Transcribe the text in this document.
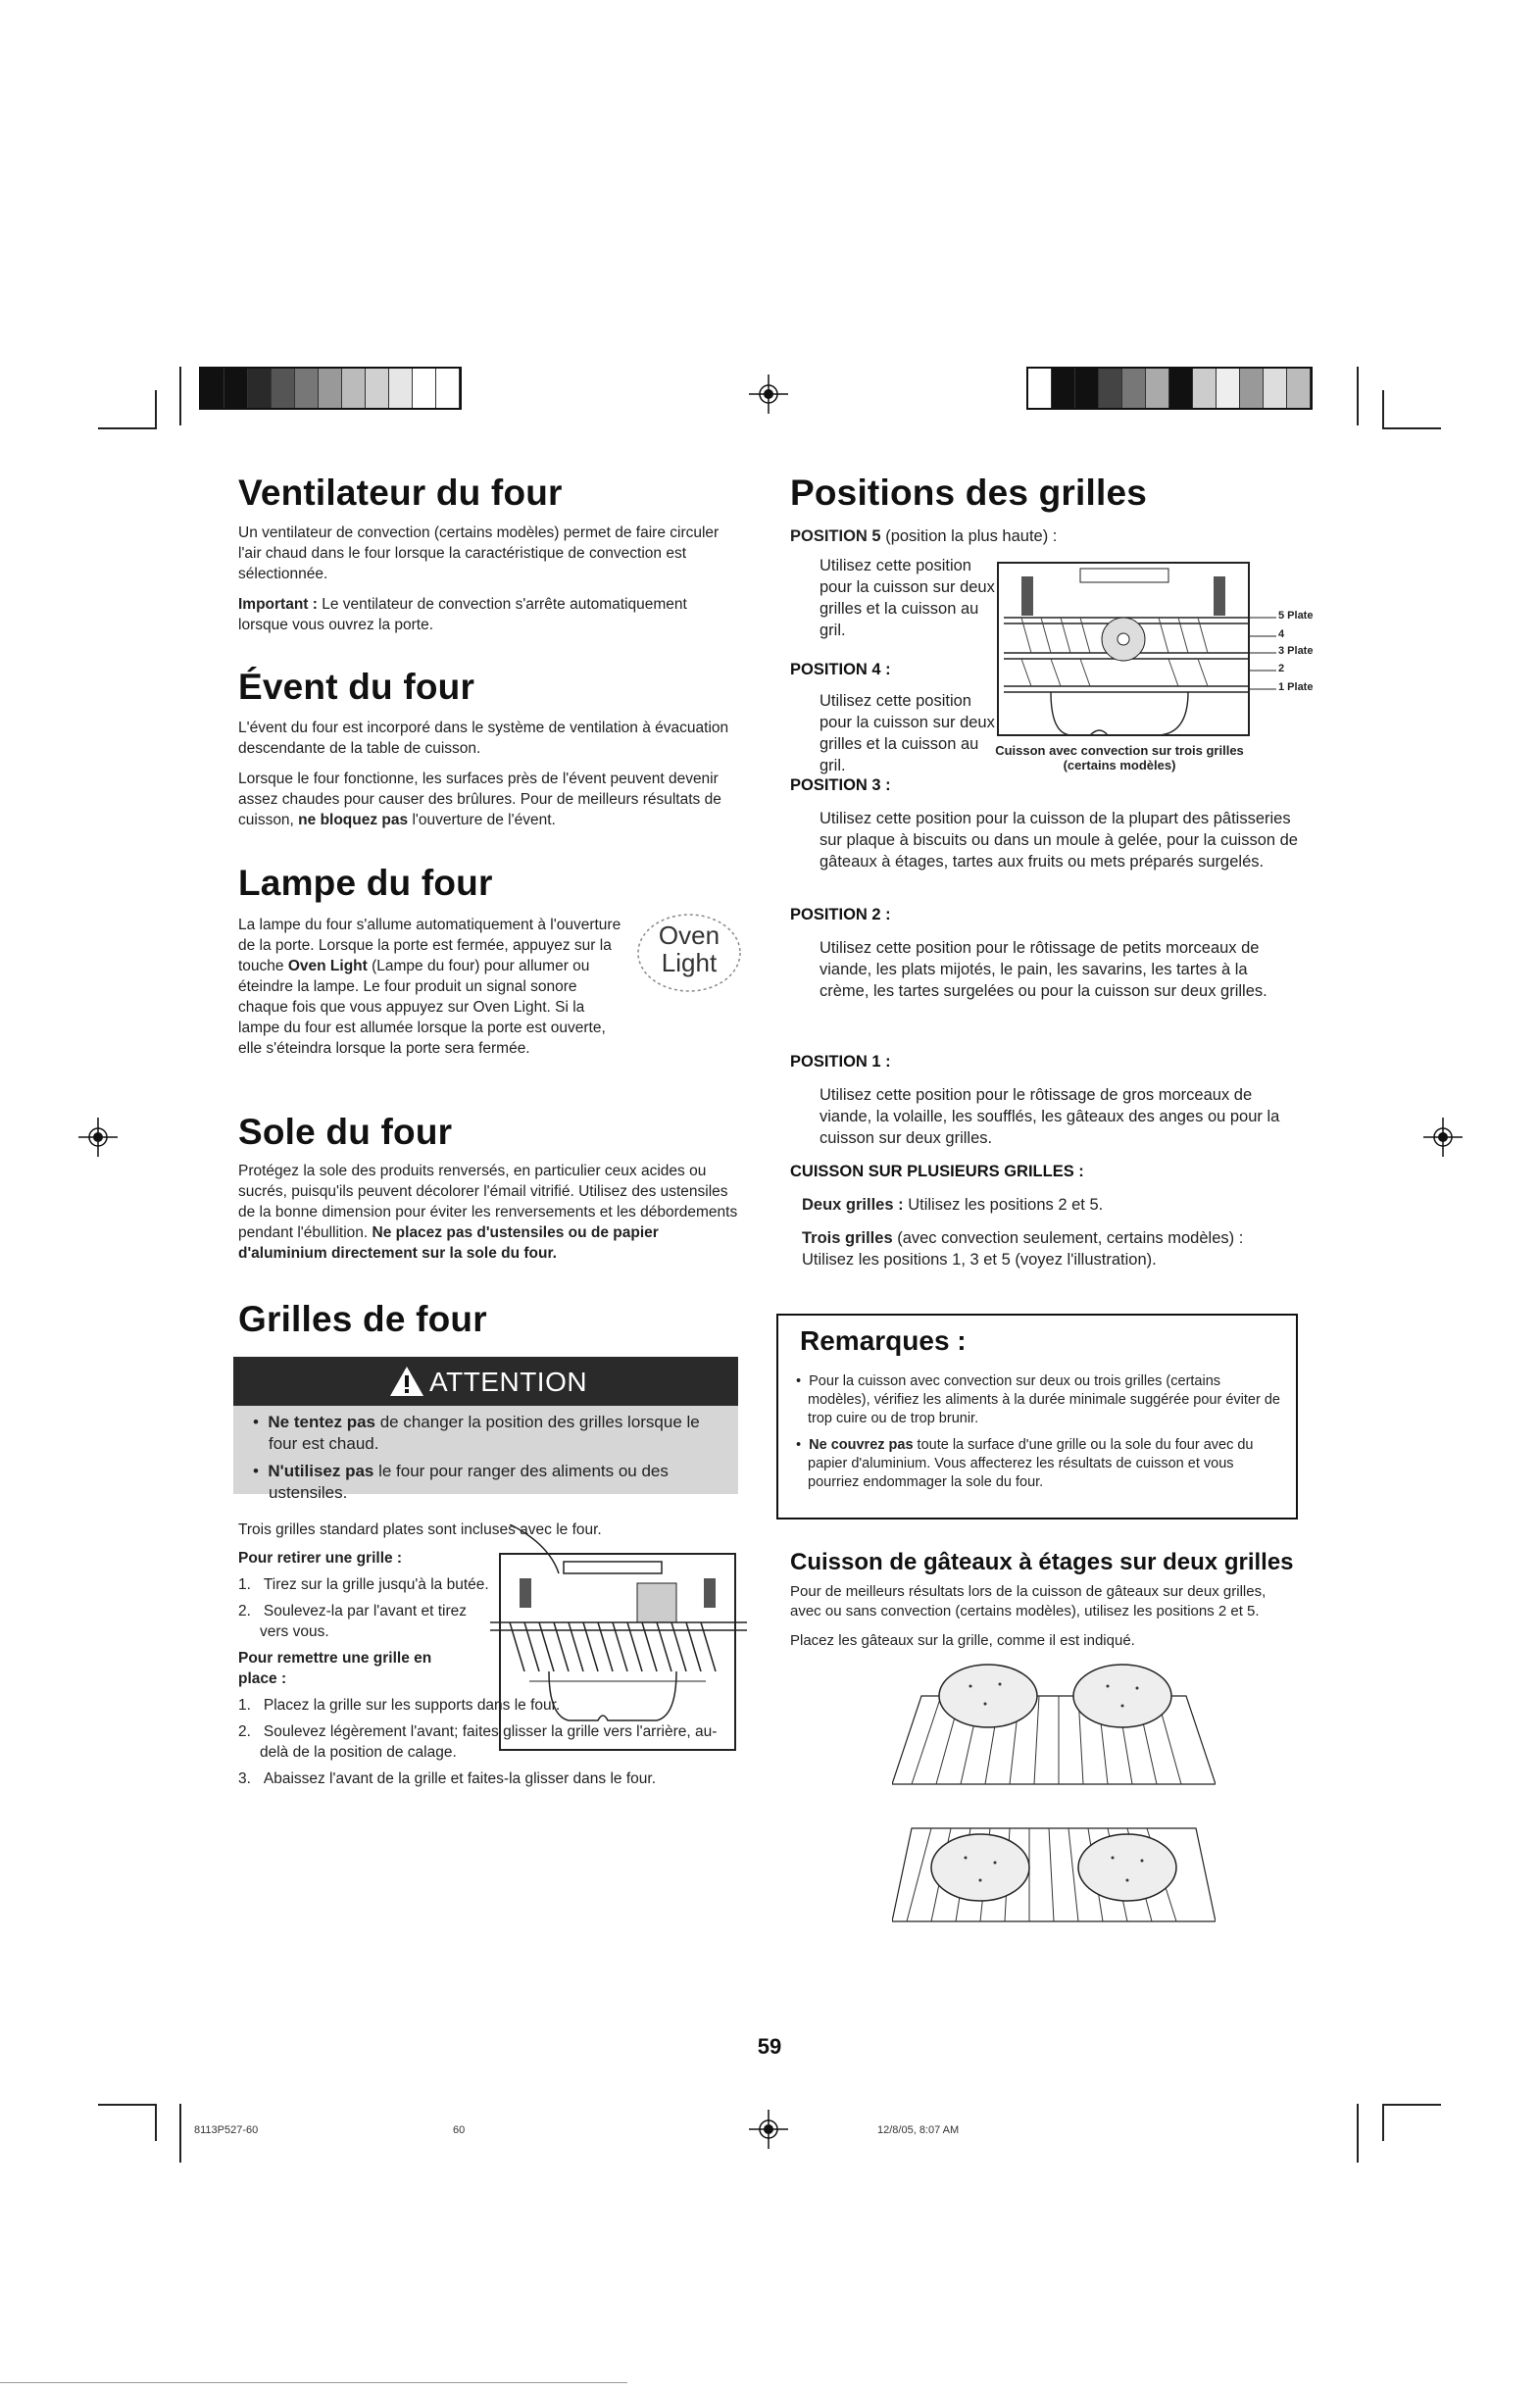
Ventilateur du four

Un ventilateur de convection (certains modèles) permet de faire circuler l'air chaud dans le four lorsque la caractéristique de convection est sélectionnée.

Important : Le ventilateur de convection s'arrête automatiquement lorsque vous ouvrez la porte.

Évent du four

L'évent du four est incorporé dans le système de ventilation à évacuation descendante de la table de cuisson.

Lorsque le four fonctionne, les surfaces près de l'évent peuvent devenir assez chaudes pour causer des brûlures. Pour de meilleurs résultats de cuisson, ne bloquez pas l'ouverture de l'évent.

Lampe du four
Oven
Light

La lampe du four s'allume automatiquement à l'ouverture de la porte. Lorsque la porte est fermée, appuyez sur la touche Oven Light (Lampe du four) pour allumer ou éteindre la lampe. Le four produit un signal sonore chaque fois que vous appuyez sur Oven Light. Si la lampe du four est allumée lorsque la porte est ouverte, elle s'éteindra lorsque la porte sera fermée.

Sole du four

Protégez la sole des produits renversés, en particulier ceux acides ou sucrés, puisqu'ils peuvent décolorer l'émail vitrifié. Utilisez des ustensiles de la bonne dimension pour éviter les renversements et les débordements pendant l'ébullition. Ne placez pas d'ustensiles ou de papier d'aluminium directement sur la sole du four.

Grilles de four
ATTENTION
•  Ne tentez pas de changer la position des grilles lorsque le four est chaud.
•  N'utilisez pas le four pour ranger des aliments ou des ustensiles.

Trois grilles standard plates sont incluses avec le four.

Pour retirer une grille :
1.   Tirez sur la grille jusqu'à la butée.
2.   Soulevez-la par l'avant et tirez vers vous.
Pour remettre une grille en place :
1.   Placez la grille sur les supports dans le four.
2.   Soulevez légèrement l'avant; faites glisser la grille vers l'arrière, au-delà de la position de calage.
3.   Abaissez l'avant de la grille et faites-la glisser dans le four.
Positions des grilles
POSITION 5 (position la plus haute) :
Utilisez cette position pour la cuisson sur deux grilles et la cuisson au gril.
POSITION 4 :
Utilisez cette position pour la cuisson sur deux grilles et la cuisson au gril.
5 Plate
4
3 Plate
2
1 Plate
Cuisson avec convection sur trois grilles (certains modèles)
POSITION 3 :
Utilisez cette position pour la cuisson de la plupart des pâtisseries sur plaque à biscuits ou dans un moule à gelée, pour la cuisson de gâteaux à étages, tartes aux fruits ou mets préparés surgelés.
POSITION 2 :
Utilisez cette position pour le rôtissage de petits morceaux de viande, les plats mijotés, le pain, les savarins, les tartes à la crème, les tartes surgelées ou pour la cuisson sur deux grilles.
POSITION 1 :
Utilisez cette position pour le rôtissage de gros morceaux de viande, la volaille, les soufflés, les gâteaux des anges ou pour la cuisson sur deux grilles.
CUISSON SUR PLUSIEURS GRILLES :
Deux grilles : Utilisez les positions 2 et 5.
Trois grilles (avec convection seulement, certains modèles) : Utilisez les positions 1, 3 et 5 (voyez l'illustration).
Remarques :
•  Pour la cuisson avec convection sur deux ou trois grilles (certains modèles), vérifiez les aliments à la durée minimale suggérée pour éviter de trop cuire ou de trop brunir.
•  Ne couvrez pas toute la surface d'une grille ou la sole du four avec du papier d'aluminium. Vous affecterez les résultats de cuisson et vous pourriez endommager la sole du four.
Cuisson de gâteaux à étages sur deux grilles

Pour de meilleurs résultats lors de la cuisson de gâteaux sur deux grilles, avec ou sans convection (certains modèles), utilisez les positions 2 et 5.

Placez les gâteaux sur la grille, comme il est indiqué.

59
8113P527-60	60	12/8/05, 8:07 AM
